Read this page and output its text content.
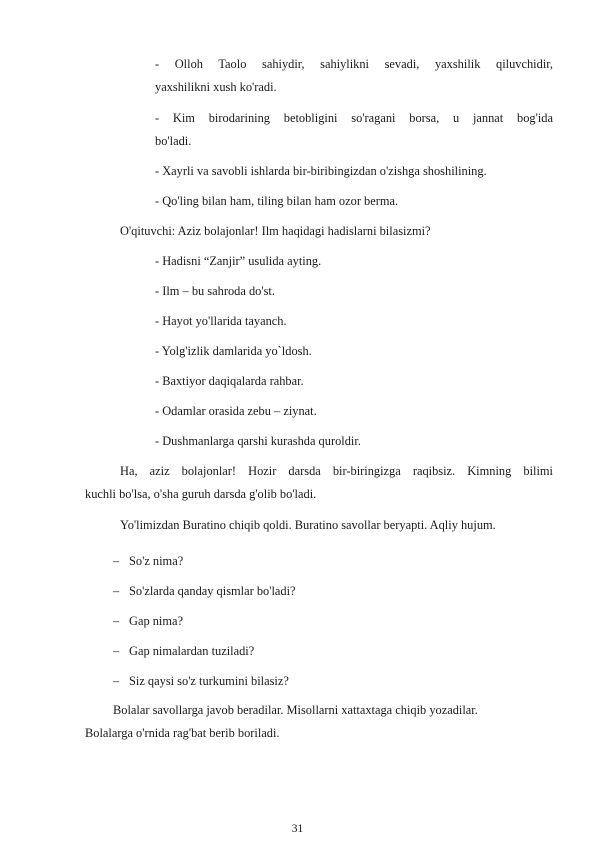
- Olloh Taolo sahiydir, sahiylikni sevadi, yaxshilik qiluvchidir,
yaxshilikni xush ko'radi.
- Kim birodarining betobligini so'ragani borsa, u jannat bog'ida
bo'ladi.
- Xayrli va savobli ishlarda bir-biribingizdan o'zishga shoshilining.
- Qo'ling bilan ham, tiling bilan ham ozor berma.
O'qituvchi: Aziz bolajonlar! Ilm haqidagi hadislarni bilasizmi?
- Hadisni “Zanjir” usulida ayting.
- Ilm – bu sahroda do'st.
- Hayot yo'llarida tayanch.
- Yolg'izlik damlarida yo`ldosh.
- Baxtiyor daqiqalarda rahbar.
- Odamlar orasida zebu – ziynat.
- Dushmanlarga qarshi kurashda quroldir.
Ha, aziz bolajonlar! Hozir darsda bir-biringizga raqibsiz. Kimning bilimi
kuchli bo'lsa, o'sha guruh darsda g'olib bo'ladi.
Yo'limizdan Buratino chiqib qoldi. Buratino savollar beryapti. Aqliy hujum.
– So'z nima?
– So'zlarda qanday qismlar bo'ladi?
– Gap nima?
– Gap nimalardan tuziladi?
– Siz qaysi so'z turkumini bilasiz?
Bolalar savollarga javob beradilar. Misollarni xattaxtaga chiqib yozadilar.
Bolalarga o'rnida rag'bat berib boriladi.
31
